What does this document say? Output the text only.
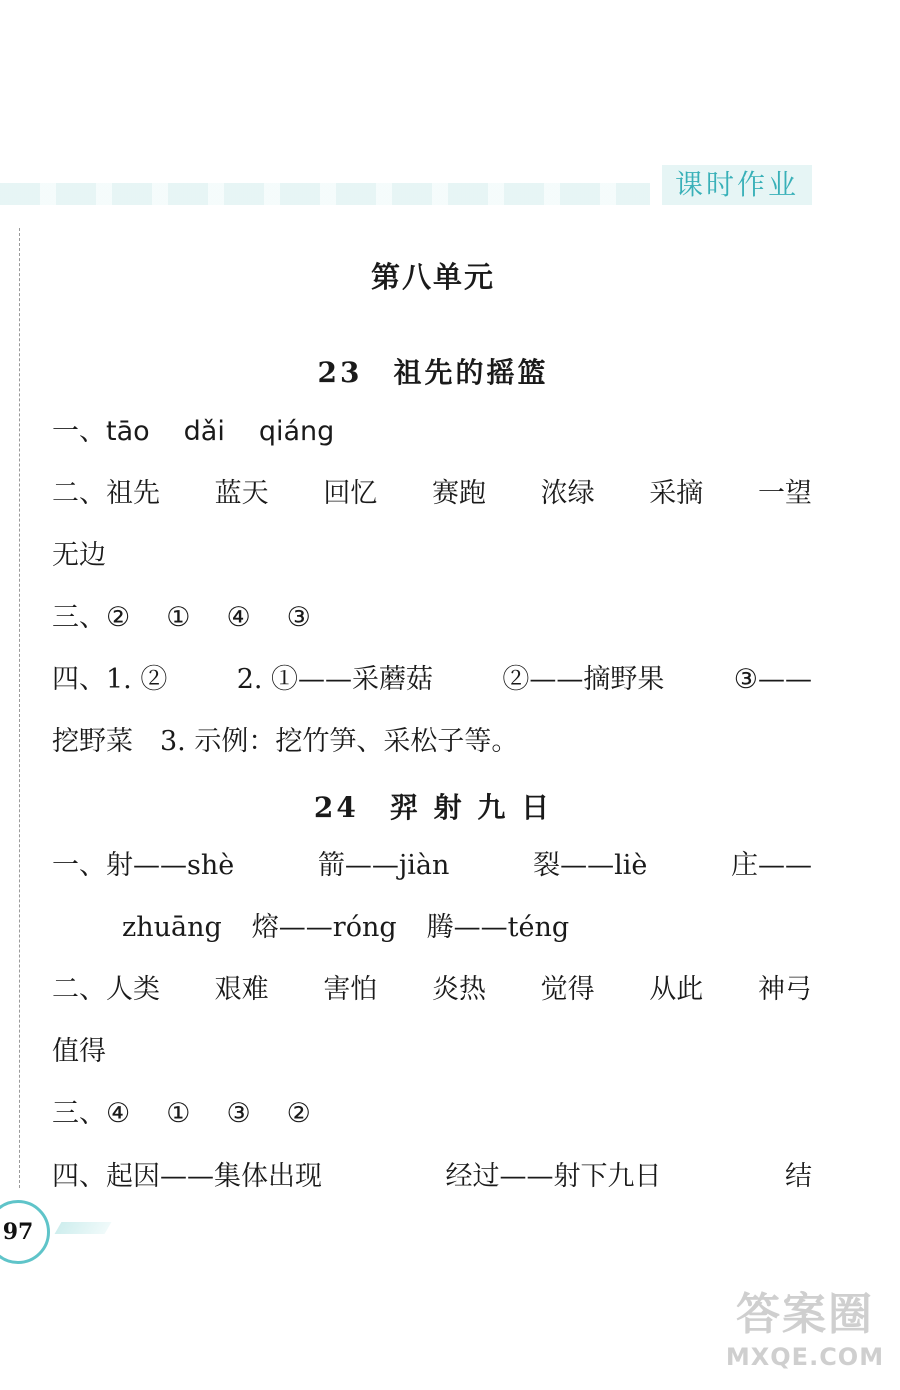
课时作业
第八单元
23　祖先的摇篮
一、tāo dǎi qiáng
二、祖先 蓝天 回忆 赛跑 浓绿 采摘 一望
无边
三、② ① ④ ③
四、1. ②	2. ①——采蘑菇	②——摘野果	③——
挖野菜　3. 示例：挖竹笋、采松子等。
24　羿 射 九 日
一、射——shè	箭——jiàn	裂——liè	庄——
zhuāng 熔——róng 腾——téng
二、人类 艰难 害怕 炎热 觉得 从此 神弓
值得
三、④ ① ③ ②
四、起因——集体出现	经过——射下九日	结
97
答案圈
MXQE.COM
